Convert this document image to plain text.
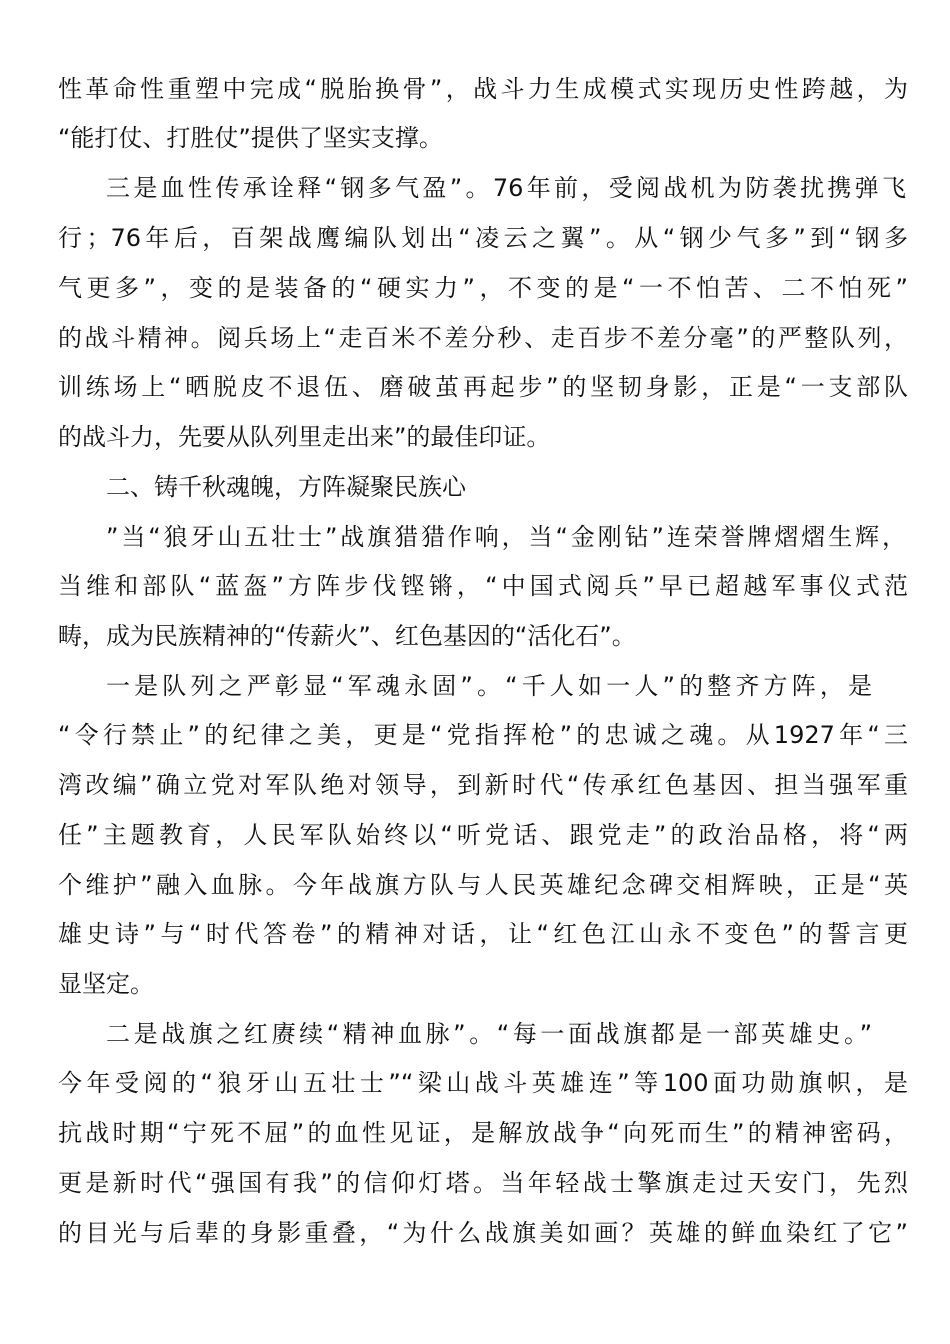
性革命性重塑中完成“脱胎换骨”，战斗力生成模式实现历史性跨越，为
“能打仗、打胜仗”提供了坚实支撑。
三是血性传承诠释“钢多气盈”。76年前，受阅战机为防袭扰携弹飞
行；76年后，百架战鹰编队划出“凌云之翼”。从“钢少气多”到“钢多
气更多”，变的是装备的“硬实力”，不变的是“一不怕苦、二不怕死”
的战斗精神。阅兵场上“走百米不差分秒、走百步不差分毫”的严整队列，
训练场上“晒脱皮不退伍、磨破茧再起步”的坚韧身影，正是“一支部队
的战斗力，先要从队列里走出来”的最佳印证。
二、铸千秋魂魄，方阵凝聚民族心
”当“狼牙山五壮士”战旗猎猎作响，当“金刚钻”连荣誉牌熠熠生辉，
当维和部队“蓝盔”方阵步伐铿锵，“中国式阅兵”早已超越军事仪式范
畴，成为民族精神的“传薪火”、红色基因的“活化石”。
一是队列之严彰显“军魂永固”。“千人如一人”的整齐方阵，是
“令行禁止”的纪律之美，更是“党指挥枪”的忠诚之魂。从1927年“三
湾改编”确立党对军队绝对领导，到新时代“传承红色基因、担当强军重
任”主题教育，人民军队始终以“听党话、跟党走”的政治品格，将“两
个维护”融入血脉。今年战旗方队与人民英雄纪念碑交相辉映，正是“英
雄史诗”与“时代答卷”的精神对话，让“红色江山永不变色”的誓言更
显坚定。
二是战旗之红赓续“精神血脉”。“每一面战旗都是一部英雄史。”
今年受阅的“狼牙山五壮士”“梁山战斗英雄连”等100面功勋旗帜，是
抗战时期“宁死不屈”的血性见证，是解放战争“向死而生”的精神密码，
更是新时代“强国有我”的信仰灯塔。当年轻战士擎旗走过天安门，先烈
的目光与后辈的身影重叠，“为什么战旗美如画？英雄的鲜血染红了它”
